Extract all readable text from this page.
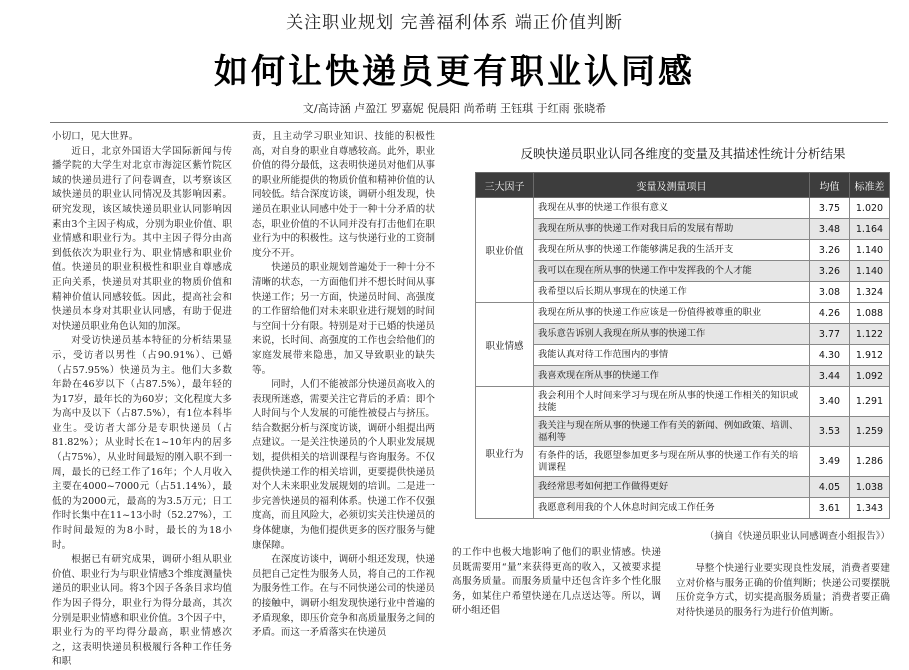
关注职业规划 完善福利体系 端正价值判断
如何让快递员更有职业认同感
文/高诗涵 卢盈江 罗嘉妮 倪晨阳 尚希萌 王钰琪 于红雨 张晓希

小切口，见大世界。

近日，北京外国语大学国际新闻与传播学院的大学生对北京市海淀区紫竹院区域的快递员进行了问卷调查，以考察该区域快递员的职业认同情况及其影响因素。研究发现，该区域快递员职业认同影响因素由3个主因子构成，分别为职业价值、职业情感和职业行为。其中主因子得分由高到低依次为职业行为、职业情感和职业价值。快递员的职业积极性和职业自尊感成正向关系，快递员对其职业的物质价值和精神价值认同感较低。因此，提高社会和快递员本身对其职业认同感，有助于促进对快递员职业角色认知的加深。

对受访快递员基本特征的分析结果显示，受访者以男性（占90.91%）、已婚（占57.95%）快递员为主。他们大多数年龄在46岁以下（占87.5%），最年轻的为17岁，最年长的为60岁；文化程度大多为高中及以下（占87.5%），有1位本科毕业生。受访者大部分是专职快递员（占81.82%）；从业时长在1~10年内的居多（占75%），从业时间最短的刚入职不到一周，最长的已经工作了16年；个人月收入主要在4000~7000元（占51.14%），最低的为2000元，最高的为3.5万元；日工作时长集中在11~13小时（52.27%），工作时间最短的为8小时，最长的为18小时。

根据已有研究成果，调研小组从职业价值、职业行为与职业情感3个维度测量快递员的职业认同。将3个因子各条目求均值作为因子得分，职业行为得分最高，其次分别是职业情感和职业价值。3个因子中，职业行为的平均得分最高，职业情感次之，这表明快递员积极履行各种工作任务和职

责，且主动学习职业知识、技能的积极性高，对自身的职业自尊感较高。此外，职业价值的得分最低，这表明快递员对他们从事的职业所能提供的物质价值和精神价值的认同较低。结合深度访谈，调研小组发现，快递员在职业认同感中处于一种十分矛盾的状态，职业价值的不认同并没有打击他们在职业行为中的积极性。这与快递行业的工资制度分不开。

快递员的职业规划普遍处于一种十分不清晰的状态，一方面他们并不想长时间从事快递工作；另一方面，快递员时间、高强度的工作留给他们对未来职业进行规划的时间与空间十分有限。特别是对于已婚的快递员来说，长时间、高强度的工作也会给他们的家庭发展带来隐患，加又导致职业的缺失等。

同时，人们不能被部分快递员高收入的表现所迷惑，需要关注它背后的矛盾：即个人时间与个人发展的可能性被侵占与挤压。结合数据分析与深度访谈，调研小组提出两点建议。一是关注快递员的个人职业发展规划，提供相关的培训课程与咨询服务。不仅提供快递工作的相关培训，更要提供快递员对个人未来职业发展规划的培训。二是进一步完善快递员的福利体系。快递工作不仅强度高，而且风险大，必须切实关注快递员的身体健康，为他们提供更多的医疗服务与健康保障。

在深度访谈中，调研小组还发现，快递员把自己定性为服务人员，将自己的工作视为服务性工作。在与不同快递公司的快递员的接触中，调研小组发现快递行业中普遍的矛盾现象，即压价竞争和高质量服务之间的矛盾。而这一矛盾落实在快递员

的工作中也极大地影响了他们的职业情感。快递员既需要用“量”来获得更高的收入，又被要求提高服务质量。而服务质量中还包含许多个性化服务，如某住户希望快递在几点送达等。所以，调研小组还倡

导整个快递行业要实现良性发展，消费者要建立对价格与服务正确的价值判断；快递公司要摆脱压价竞争方式，切实提高服务质量；消费者要正确对待快递员的服务行为进行价值判断。

反映快递员职业认同各维度的变量及其描述性统计分析结果
三大因子	变量及测量项目	均值	标准差
职业价值	我现在从事的快递工作很有意义	3.75	1.020
	我现在所从事的快递工作对我日后的发展有帮助	3.48	1.164
	我现在所从事的快递工作能够满足我的生活开支	3.26	1.140
	我可以在现在所从事的快递工作中发挥我的个人才能	3.26	1.140
	我希望以后长期从事现在的快递工作	3.08	1.324
职业情感	我现在所从事的快递工作应该是一份值得被尊重的职业	4.26	1.088
	我乐意告诉别人我现在所从事的快递工作	3.77	1.122
	我能认真对待工作范围内的事情	4.30	1.912
	我喜欢现在所从事的快递工作	3.44	1.092
职业行为	我会利用个人时间来学习与现在所从事的快递工作相关的知识或技能	3.40	1.291
	我关注与现在所从事的快递工作有关的新闻、例如政策、培训、福利等	3.53	1.259
	有条件的话，我愿望参加更多与现在所从事的快递工作有关的培训课程	3.49	1.286
	我经常思考如何把工作做得更好	4.05	1.038
	我愿意利用我的个人休息时间完成工作任务	3.61	1.343
（摘自《快递员职业认同感调查小组报告》）
